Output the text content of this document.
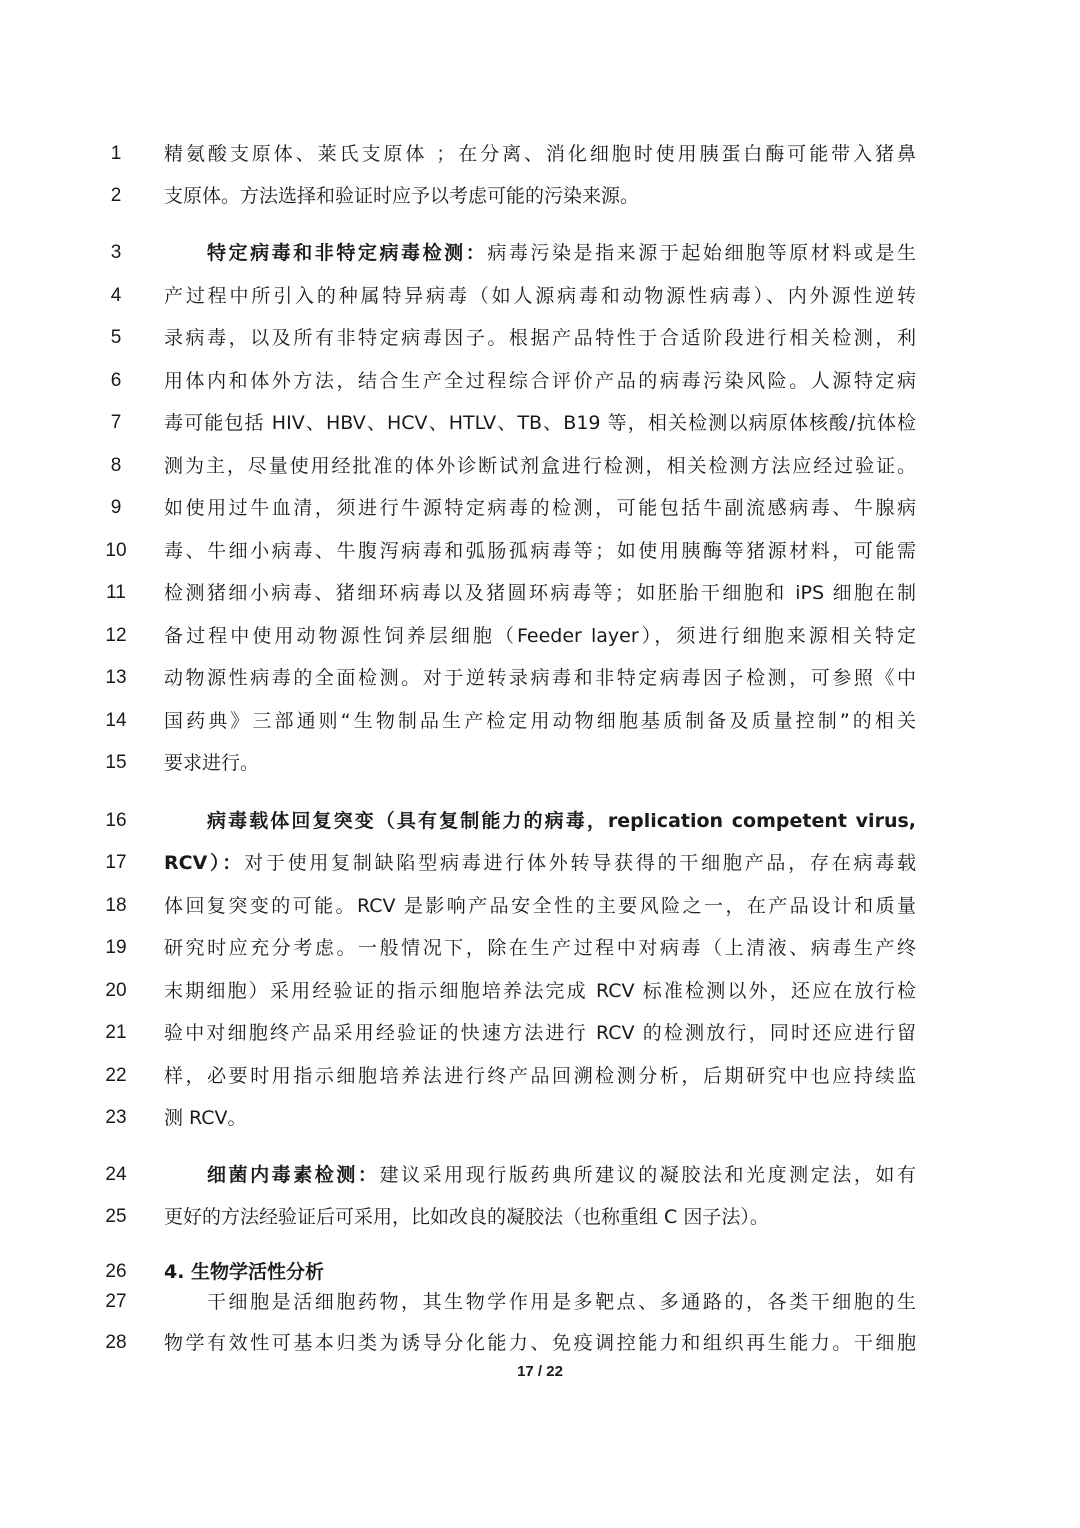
1	精氨酸支原体、莱氏支原体 ；在分离、消化细胞时使用胰蛋白酶可能带入猪鼻
2	支原体。方法选择和验证时应予以考虑可能的污染来源。
3	特定病毒和非特定病毒检测：病毒污染是指来源于起始细胞等原材料或是生
4	产过程中所引入的种属特异病毒（如人源病毒和动物源性病毒）、内外源性逆转
5	录病毒，以及所有非特定病毒因子。根据产品特性于合适阶段进行相关检测，利
6	用体内和体外方法，结合生产全过程综合评价产品的病毒污染风险。人源特定病
7	毒可能包括 HIV、HBV、HCV、HTLV、TB、B19 等，相关检测以病原体核酸/抗体检
8	测为主，尽量使用经批准的体外诊断试剂盒进行检测，相关检测方法应经过验证。
9	如使用过牛血清，须进行牛源特定病毒的检测，可能包括牛副流感病毒、牛腺病
10	毒、牛细小病毒、牛腹泻病毒和弧肠孤病毒等；如使用胰酶等猪源材料，可能需
11	检测猪细小病毒、猪细环病毒以及猪圆环病毒等；如胚胎干细胞和 iPS 细胞在制
12	备过程中使用动物源性饲养层细胞（Feeder layer），须进行细胞来源相关特定
13	动物源性病毒的全面检测。对于逆转录病毒和非特定病毒因子检测，可参照《中
14	国药典》三部通则“生物制品生产检定用动物细胞基质制备及质量控制”的相关
15	要求进行。
16	病毒载体回复突变（具有复制能力的病毒，replication competent virus,
17	RCV）：对于使用复制缺陷型病毒进行体外转导获得的干细胞产品，存在病毒载
18	体回复突变的可能。RCV 是影响产品安全性的主要风险之一，在产品设计和质量
19	研究时应充分考虑。一般情况下，除在生产过程中对病毒（上清液、病毒生产终
20	末期细胞）采用经验证的指示细胞培养法完成 RCV 标准检测以外，还应在放行检
21	验中对细胞终产品采用经验证的快速方法进行 RCV 的检测放行，同时还应进行留
22	样，必要时用指示细胞培养法进行终产品回溯检测分析，后期研究中也应持续监
23	测 RCV。
24	细菌内毒素检测：建议采用现行版药典所建议的凝胶法和光度测定法，如有
25	更好的方法经验证后可采用，比如改良的凝胶法（也称重组 C 因子法）。
26	4. 生物学活性分析
27	干细胞是活细胞药物，其生物学作用是多靶点、多通路的，各类干细胞的生
28	物学有效性可基本归类为诱导分化能力、免疫调控能力和组织再生能力。干细胞
17 / 22
